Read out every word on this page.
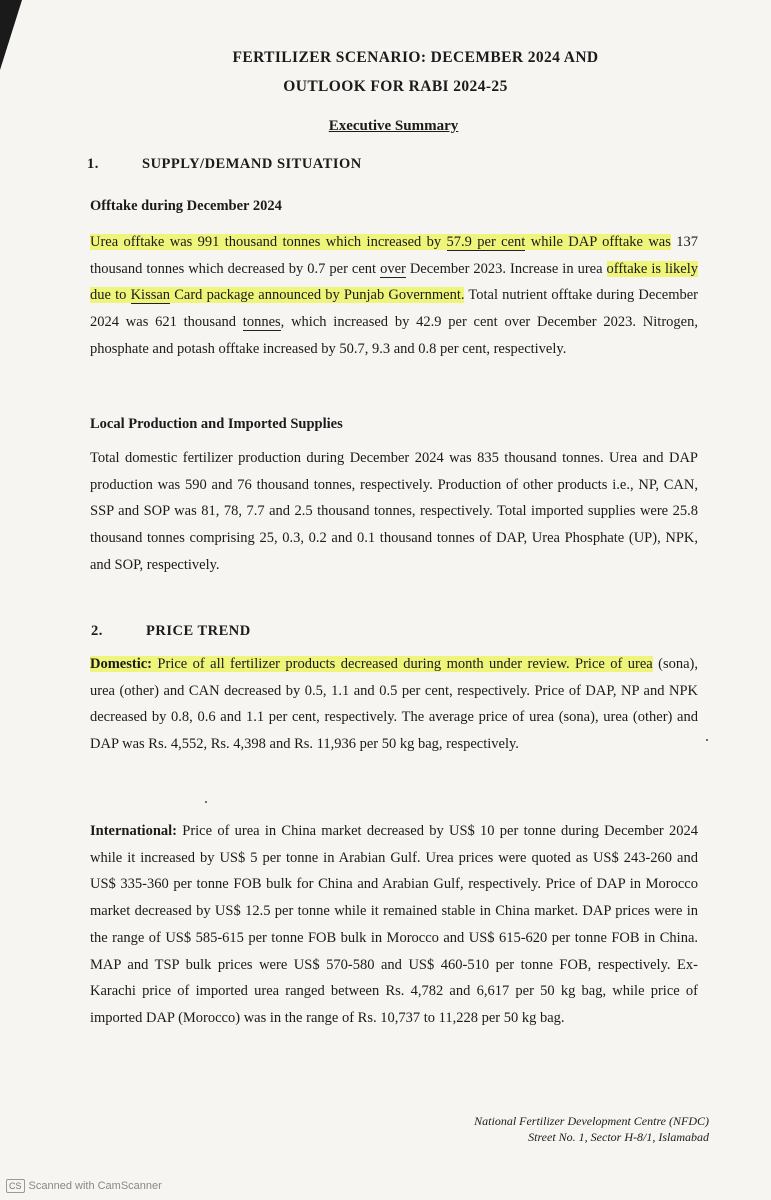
FERTILIZER SCENARIO: DECEMBER 2024 AND
OUTLOOK FOR RABI 2024-25
Executive Summary
1.	SUPPLY/DEMAND SITUATION
Offtake during December 2024
Urea offtake was 991 thousand tonnes which increased by 57.9 per cent while DAP offtake was 137 thousand tonnes which decreased by 0.7 per cent over December 2023. Increase in urea offtake is likely due to Kissan Card package announced by Punjab Government. Total nutrient offtake during December 2024 was 621 thousand tonnes, which increased by 42.9 per cent over December 2023. Nitrogen, phosphate and potash offtake increased by 50.7, 9.3 and 0.8 per cent, respectively.
Local Production and Imported Supplies
Total domestic fertilizer production during December 2024 was 835 thousand tonnes. Urea and DAP production was 590 and 76 thousand tonnes, respectively. Production of other products i.e., NP, CAN, SSP and SOP was 81, 78, 7.7 and 2.5 thousand tonnes, respectively. Total imported supplies were 25.8 thousand tonnes comprising 25, 0.3, 0.2 and 0.1 thousand tonnes of DAP, Urea Phosphate (UP), NPK, and SOP, respectively.
2.	PRICE TREND
Domestic: Price of all fertilizer products decreased during month under review. Price of urea (sona), urea (other) and CAN decreased by 0.5, 1.1 and 0.5 per cent, respectively. Price of DAP, NP and NPK decreased by 0.8, 0.6 and 1.1 per cent, respectively. The average price of urea (sona), urea (other) and DAP was Rs. 4,552, Rs. 4,398 and Rs. 11,936 per 50 kg bag, respectively.
International: Price of urea in China market decreased by US$ 10 per tonne during December 2024 while it increased by US$ 5 per tonne in Arabian Gulf. Urea prices were quoted as US$ 243-260 and US$ 335-360 per tonne FOB bulk for China and Arabian Gulf, respectively. Price of DAP in Morocco market decreased by US$ 12.5 per tonne while it remained stable in China market. DAP prices were in the range of US$ 585-615 per tonne FOB bulk in Morocco and US$ 615-620 per tonne FOB in China. MAP and TSP bulk prices were US$ 570-580 and US$ 460-510 per tonne FOB, respectively. Ex-Karachi price of imported urea ranged between Rs. 4,782 and 6,617 per 50 kg bag, while price of imported DAP (Morocco) was in the range of Rs. 10,737 to 11,228 per 50 kg bag.
National Fertilizer Development Centre (NFDC)
Street No. 1, Sector H-8/1, Islamabad
CS Scanned with CamScanner
